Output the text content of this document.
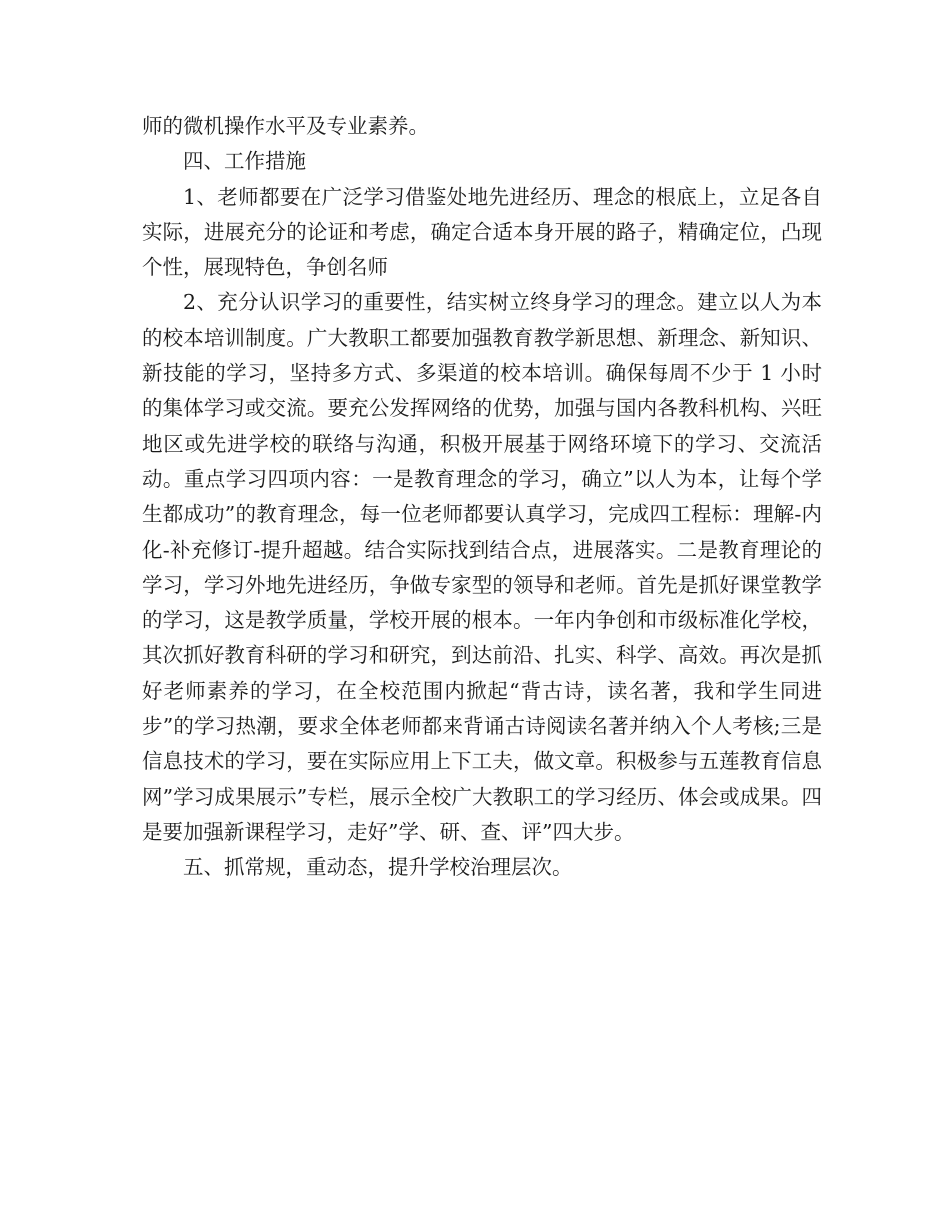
师的微机操作水平及专业素养。

四、工作措施

1、老师都要在广泛学习借鉴处地先进经历、理念的根底上，立足各自实际，进展充分的论证和考虑，确定合适本身开展的路子，精确定位，凸现个性，展现特色，争创名师

2、充分认识学习的重要性，结实树立终身学习的理念。建立以人为本的校本培训制度。广大教职工都要加强教育教学新思想、新理念、新知识、新技能的学习，坚持多方式、多渠道的校本培训。确保每周不少于 1 小时的集体学习或交流。要充公发挥网络的优势，加强与国内各教科机构、兴旺地区或先进学校的联络与沟通，积极开展基于网络环境下的学习、交流活动。重点学习四项内容：一是教育理念的学习，确立”以人为本，让每个学生都成功”的教育理念，每一位老师都要认真学习，完成四工程标：理解-内化-补充修订-提升超越。结合实际找到结合点，进展落实。二是教育理论的学习，学习外地先进经历，争做专家型的领导和老师。首先是抓好课堂教学的学习，这是教学质量，学校开展的根本。一年内争创和市级标准化学校，其次抓好教育科研的学习和研究，到达前沿、扎实、科学、高效。再次是抓好老师素养的学习，在全校范围内掀起“背古诗，读名著，我和学生同进步”的学习热潮，要求全体老师都来背诵古诗阅读名著并纳入个人考核;三是信息技术的学习，要在实际应用上下工夫，做文章。积极参与五莲教育信息网”学习成果展示”专栏，展示全校广大教职工的学习经历、体会或成果。四是要加强新课程学习，走好”学、研、查、评”四大步。

五、抓常规，重动态，提升学校治理层次。
